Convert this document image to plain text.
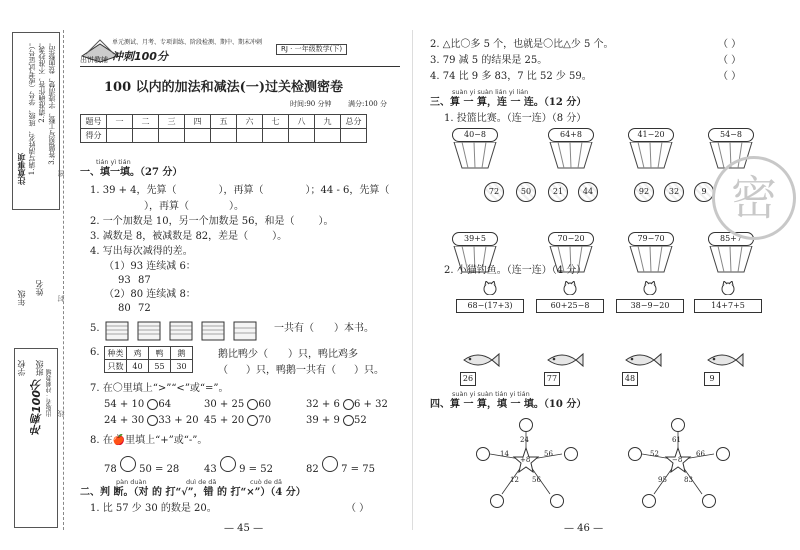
注意事项 1.请写清姓名、班级、学号（或考试证号）。 2.请准确作答，不准抄袭。 3.答题须写工整，字迹清楚，卷面整洁。
年级
姓名
学校 班级
密
封
线
冲刺100分 出版者：冲刺教辅
出饼教辅 冲刺100分
单元测试、月考、专项训练、阶段检测、期中、期末冲刺
RJ · 一年级数学(下)
100 以内的加法和减法(一)过关检测密卷
时间:90 分钟 满分:100 分
题号	一	二	三	四	五	六	七	八	九	总分
得分										
tián yì tián
一、填一填。（27 分）
1. 39 + 4，先算（	），再算（	）；44 - 6，先算（
），再算（	）。
2. 一个加数是 10，另一个加数是 56，和是（ ）。
3. 减数是 8，被减数是 82，差是（ ）。
4. 写出每次减得的差。
（1）93 连续减 6：
93 87
（2）80 连续减 8：
80 72
5.	一共有（ ）本书。
6. 种类	鸡	鸭	鹅
只数	40	55	30
鹅比鸭少（ ）只，鸭比鸡多
（ ）只，鸭鹅一共有（ ）只。
7. 在〇里填上“>”“<”或“=”。
54 + 10 64	30 + 25 60	32 + 6 6 + 32
24 + 30 33 + 20 45 + 20 70	39 + 9 52
8. 在🍎里填上“+”或“-”。
78 50 = 28 43 9 = 52	82 7 = 75
pàn duàn	duì de dǎ	cuò de dǎ
二、判 断。（对 的 打“√”，错 的 打“×”）（4 分）
1. 比 57 少 30 的数是 20。	（ ）
— 45 —
2. △比〇多 5 个，也就是〇比△少 5 个。	（ ）
3. 79 减 5 的结果是 25。	（ ）
4. 74 比 9 多 83，7 比 52 少 59。	（ ）
suàn yi suàn lián yi lián
三、算 一 算，连 一 连。（12 分）
1. 投篮比赛。（连一连）（8 分）
40−8	64+8	41−20	54−8
72	50	21	44	92	32	9
39+5	70−20	79−70	85+7
密
2. 小猫钓鱼。（连一连）（4 分）
68−(17+3)	60+25−8	38−9−20	14+7+5
26	77	48	9
suàn yi suàn tián yi tián
四、算 一 算，填 一 填。（10 分）
24
14	56
+8
12 56
61
52	66
−8
95 83
— 46 —
